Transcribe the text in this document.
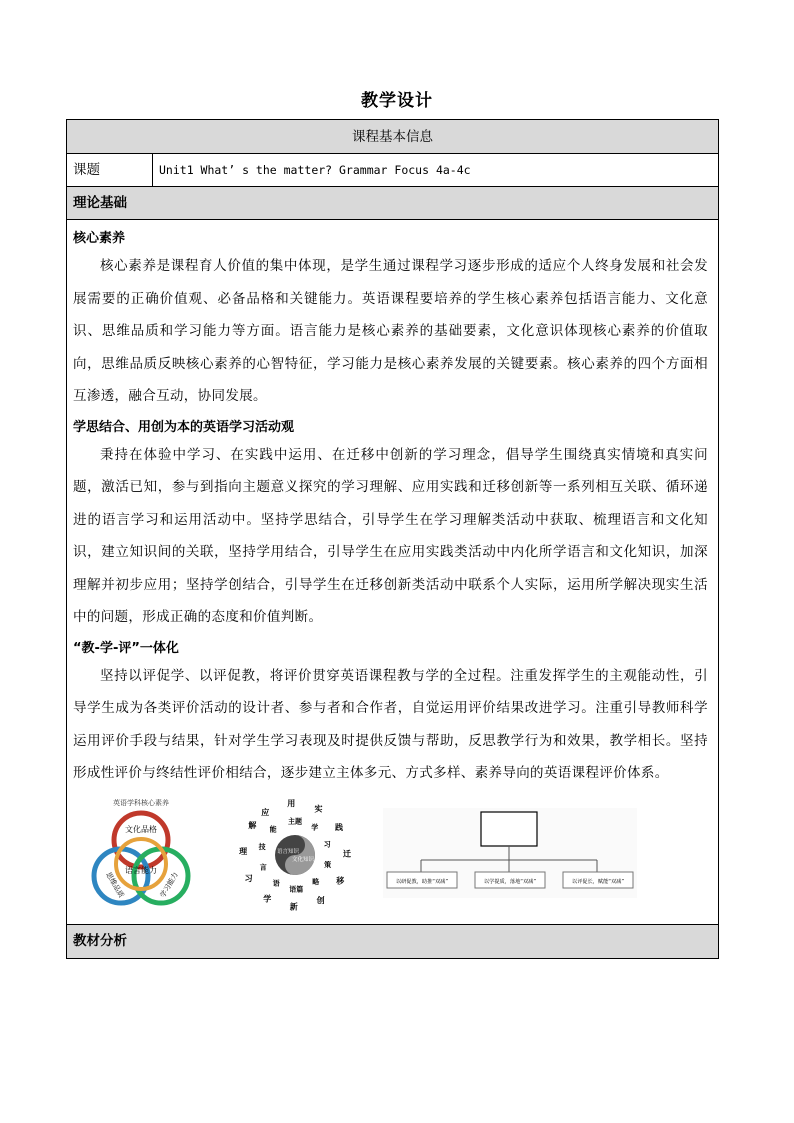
教学设计
课程基本信息
课题	Unit1 What’ s the matter? Grammar Focus 4a-4c
理论基础
核心素养
核心素养是课程育人价值的集中体现，是学生通过课程学习逐步形成的适应个人终身发展和社会发展需要的正确价值观、必备品格和关键能力。英语课程要培养的学生核心素养包括语言能力、文化意识、思维品质和学习能力等方面。语言能力是核心素养的基础要素，文化意识体现核心素养的价值取向，思维品质反映核心素养的心智特征，学习能力是核心素养发展的关键要素。核心素养的四个方面相互渗透，融合互动，协同发展。
学思结合、用创为本的英语学习活动观
秉持在体验中学习、在实践中运用、在迁移中创新的学习理念，倡导学生围绕真实情境和真实问题，激活已知，参与到指向主题意义探究的学习理解、应用实践和迁移创新等一系列相互关联、循环递进的语言学习和运用活动中。坚持学思结合，引导学生在学习理解类活动中获取、梳理语言和文化知识，建立知识间的关联，坚持学用结合，引导学生在应用实践类活动中内化所学语言和文化知识，加深理解并初步应用；坚持学创结合，引导学生在迁移创新类活动中联系个人实际，运用所学解决现实生活中的问题，形成正确的态度和价值判断。
“教-学-评”一体化
坚持以评促学、以评促教，将评价贯穿英语课程教与学的全过程。注重发挥学生的主观能动性，引导学生成为各类评价活动的设计者、参与者和合作者，自觉运用评价结果改进学习。注重引导教师科学运用评价手段与结果，针对学生学习表现及时提供反馈与帮助，反思教学行为和效果，教学相长。坚持形成性评价与终结性评价相结合，逐步建立主体多元、方式多样、素养导向的英语课程评价体系。
英语学科核心素养
文化品格
语言能力
思维品质	学习能力
应
用
实
践
迁
移
创
新
学
习
理
解	主题
学
习
策
略
语篇
语
言
技
能
语言知识
文化知识
以研促教，助推“双减”	以学提质，落地“双减”	以评促长，赋能“双减”
教材分析
